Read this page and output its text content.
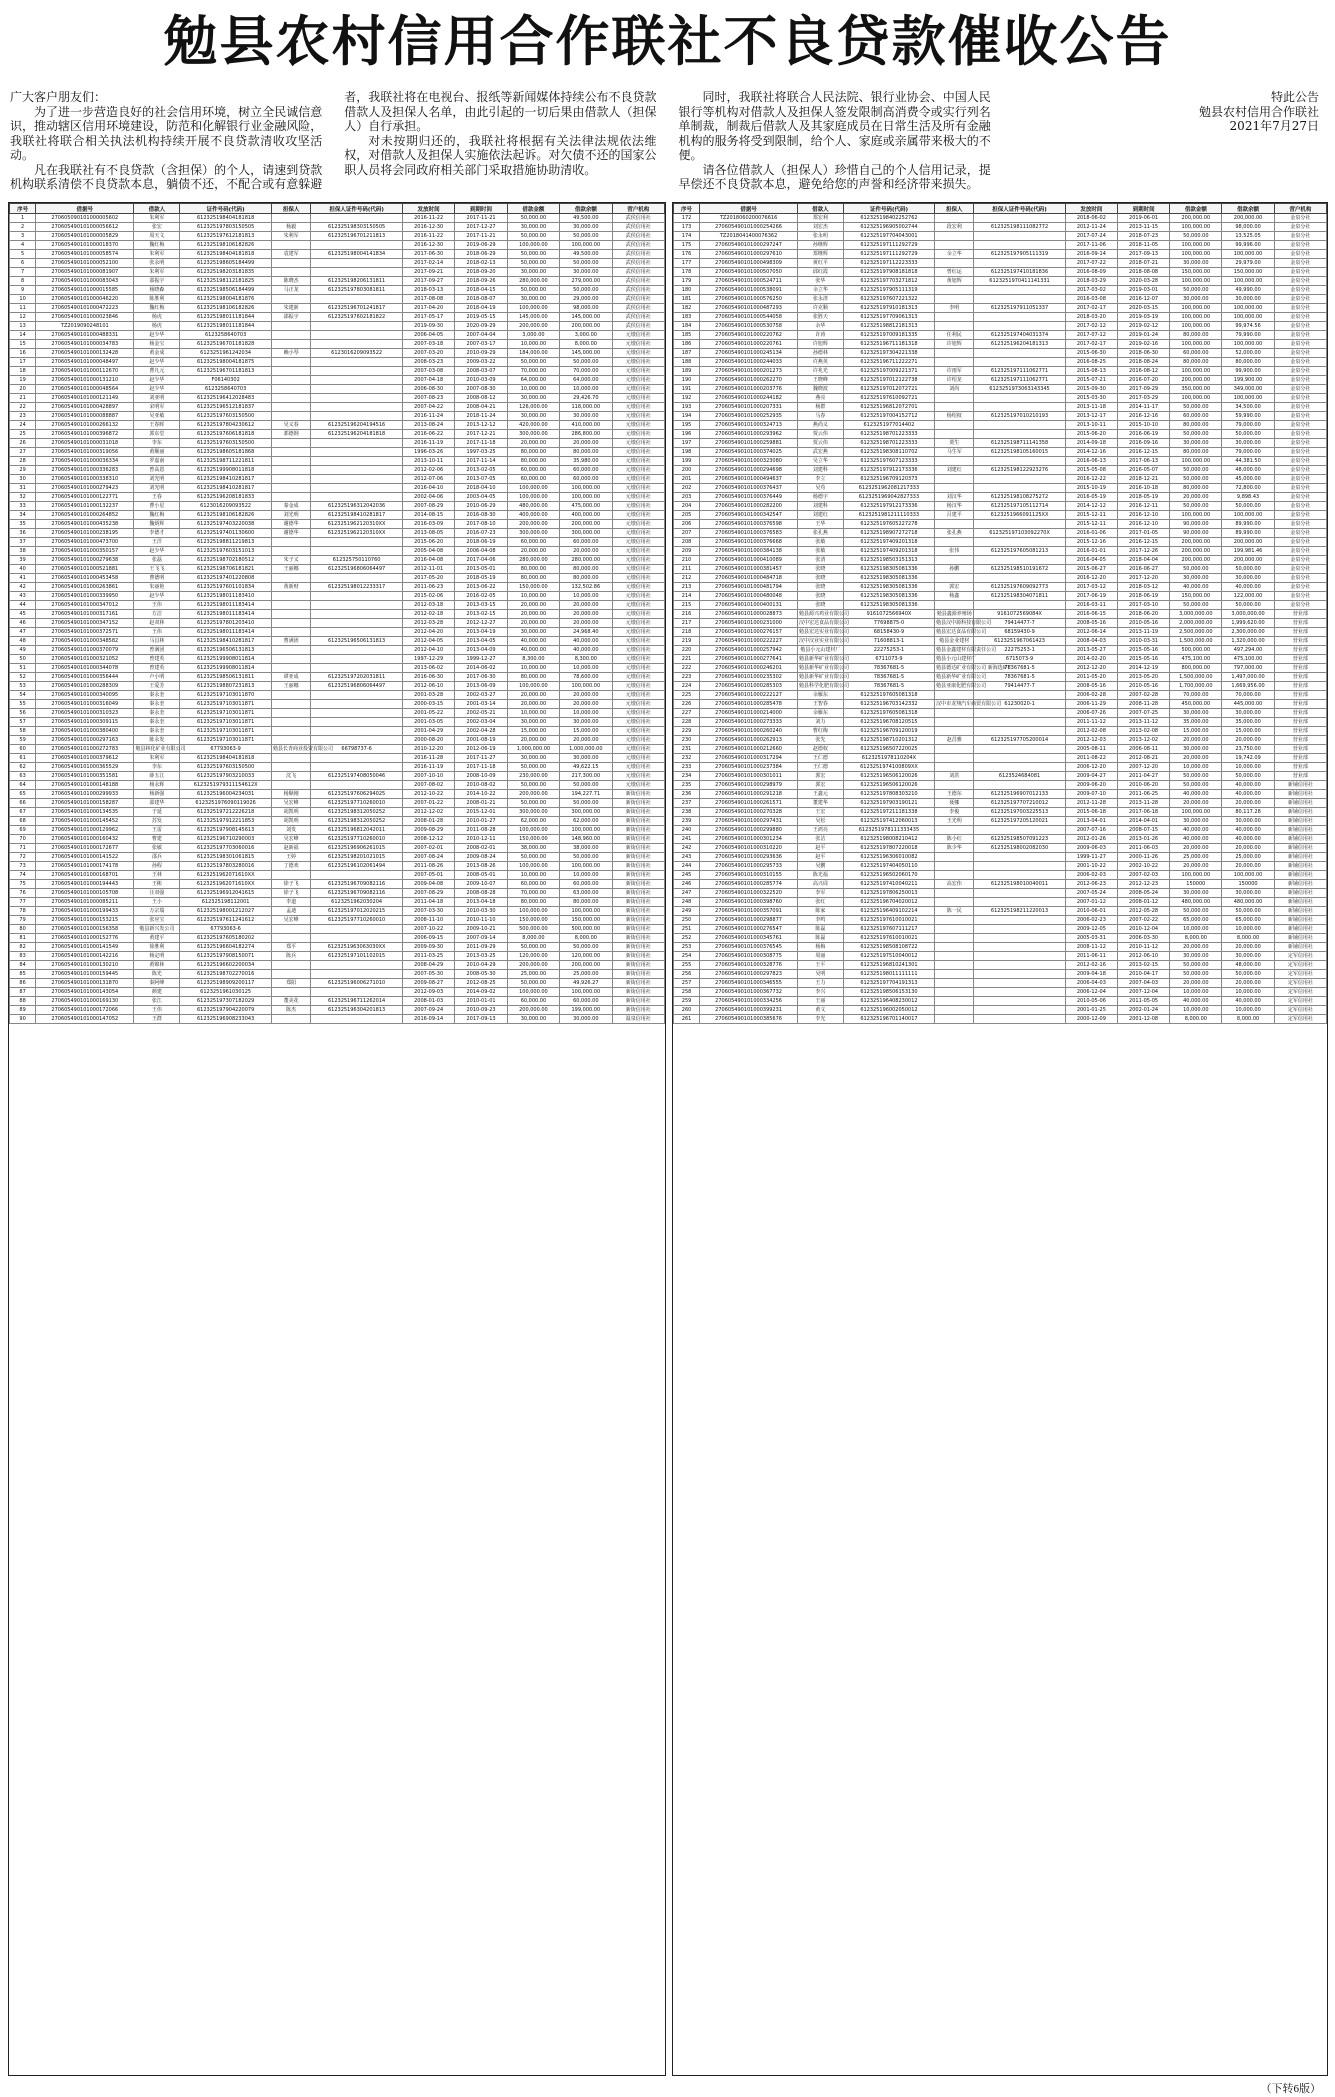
勉县农村信用合作联社不良贷款催收公告

广大客户朋友们：

为了进一步营造良好的社会信用环境，树立全民诚信意识，推动辖区信用环境建设，防范和化解银行业金融风险，我联社将联合相关执法机构持续开展不良贷款清收攻坚活动。

凡在我联社有不良贷款（含担保）的个人，请速到贷款机构联系清偿不良贷款本息，躺债不还，不配合或有意躲避者，我联社将在电视台、报纸等新闻媒体持续公布不良贷款借款人及担保人名单，由此引起的一切后果由借款人（担保人）自行承担。

对未按期归还的，我联社将根据有关法律法规依法维权，对借款人及担保人实施依法起诉。对欠债不还的国家公职人员将会同政府相关部门采取措施协助清收。

同时，我联社将联合人民法院、银行业协会、中国人民银行等机构对借款人及担保人签发限制高消费令或实行列名单制裁，制裁后借款人及其家庭成员在日常生活及所有金融机构的服务将受到限制，给个人、家庭或亲属带来极大的不便。

请各位借款人（担保人）珍惜自己的个人信用记录，提早偿还不良贷款本息，避免给您的声誉和经济带来损失。

特此公告

勉县农村信用合作联社

2021年7月27日

序号	借据号	借款人	证件号码(代码)	担保人	担保人证件号码(代码)	发放时间	到期时间	借款金额	借款余额	营户机构
1	270605090101000005602	朱利军	612325198404181818			2016-11-22	2017-11-21	50,000.00	49,500.00	武侯信用社
2	270605490101000056612	张宏	612325197803150505	杨毅	612325198303150505	2016-12-30	2017-12-27	30,000.00	30,000.00	武侯信用社
3	270605490101000005829	周天文	612325197612181813	朱利军	612325196701211813	2016-11-22	2017-11-21	50,000.00	50,000.00	武侯信用社
4	270605490101000018370	魏红梅	612325198106182826			2016-12-30	2019-06-29	100,000.00	100,000.00	武侯信用社
5	270605490101000058574	朱利军	612325198404181818	袁建军	612325198004141834	2017-06-30	2018-06-29	50,000.00	49,500.00	武侯信用社
6	270605490101000052100	张永明	612325198605184499			2017-02-14	2018-02-13	50,000.00	50,000.00	武侯信用社
7	270605490101000081907	朱利军	612325198203181835			2017-09-21	2018-09-20	30,000.00	30,000.00	武侯信用社
8	270605490101000083043	邵振宇	612325198112181825	陈晓杰	612325198206131811	2017-09-27	2018-09-26	280,000.00	279,000.00	武侯信用社
9	270605490101000015585	杨晓森	612325198506184499	马正龙	612325197803081811	2018-03-13	2018-04-15	50,000.00	50,000.00	武侯信用社
10	270605490101000046220	陈胜利	612325198004181876			2017-08-08	2018-08-07	30,000.00	29,000.00	武侯信用社
11	270605490101000472223	魏红梅	612325198106182826	朱建新	612325196701241817	2017-04-20	2018-04-19	100,000.00	98,000.00	武侯信用社
12	270605490101000023846	杨虎	612325198011181844	邵振宇	612325197602181822	2017-05-17	2019-05-15	145,000.00	145,000.00	武侯信用社
13	TZ2019090248101	杨虎	612325198011181844			2019-09-30	2020-09-29	200,000.00	200,000.00	武侯信用社
14	270605490101000488331	赵少华	6123258640703			2006-04-05	2007-04-04	3,000.00	3,000.00	元墩信用社
15	270605490101000034783	杨金宝	612325196701181828			2007-03-18	2007-03-17	10,000.00	8,000.00	元墩信用社
16	270605490101000132428	黄金成	6123251961242034	赖小琴	6123016209093522	2007-03-20	2010-09-29	184,000.00	145,000.00	元墩信用社
17	270605490101000048497	赵少华	612325198004181875			2008-03-23	2009-03-22	50,000.00	50,000.00	元墩信用社
18	270605490101000112670	曹凡元	612325196701181813			2007-03-08	2008-03-07	70,000.00	70,000.00	元墩信用社
19	270605490101000131210	赵少华	F06140302			2007-04-18	2010-03-09	64,000.00	64,000.00	元墩信用社
20	270605490101000048564	赵少华	6123258640703			2006-08-30	2007-08-30	10,000.00	10,000.00	元墩信用社
21	270605490101000121149	刘亚明	612325196412028483			2007-08-23	2008-08-12	30,000.00	29,426.70	元墩信用社
22	270605490101000428897	宋明军	612325196512181837			2007-04-22	2008-04-21	126,000.00	118,000.00	元墩信用社
23	270605490101000088887	吴亚敏	612325197603150500			2016-11-24	2018-11-24	30,000.00	30,000.00	元墩信用社
24	270605490101000266132	王春晖	612325197804230612	吴义春	612325196204194516	2013-08-24	2013-12-12	420,000.00	410,000.00	元墩信用社
25	270605490101000396872	郭东堂	612325197606181818	郭德钢	612325196204181818	2016-06-22	2017-12-21	300,000.00	286,800.00	元墩信用社
26	270605490101000031018	李东	612325197603150500			2016-11-19	2017-11-18	20,000.00	20,000.00	元墩信用社
27	270605490101000319056	黄顺丽	612325198605181868			1996-03-26	1997-03-25	80,000.00	80,000.00	元墩信用社
28	270605490101000036334	罗嘉南	612325198711221811			2013-10-11	2017-11-14	80,000.00	35,980.00	元墩信用社
29	270605490101000336283	曾高恩	612325199908011818			2012-02-06	2013-02-05	60,000.00	60,000.00	元墩信用社
30	270605490101000338310	刘光明	612325198410281817			2012-07-06	2013-07-05	60,000.00	60,000.00	元墩信用社
31	270605490101000279423	刘光明	612325198410281817			2016-04-10	2018-04-10	100,000.00	100,000.00	元墩信用社
32	270605490101000122771	王春	612325196208181833			2002-04-06	2003-04-05	100,000.00	100,000.00	元墩信用社
33	270605490101000132237	曹小星	6123016209093522	秦金成	612325196312042036	2007-08-29	2010-06-29	480,000.00	475,000.00	元墩信用社
34	270605490101000264852	魏红梅	612325198106182826	刘光明	612325198410281817	2014-08-15	2016-08-30	400,000.00	400,000.00	元墩信用社
35	270605490101000435238	魏炳辉	612325197403220038	谢德华	6123251962120310XX	2016-03-09	2017-08-10	200,000.00	200,000.00	元墩信用社
36	270605490101000238195	李德才	612325197401130600	谢德华	6123251962120310XX	2013-08-05	2016-07-23	300,000.00	300,000.00	元墩信用社
37	270605490101000473700	王洋	612325198811219813			2015-06-20	2018-06-19	60,000.00	60,000.00	元墩信用社
38	270605490101000350157	赵少华	612325197603151013			2005-04-08	2006-04-08	20,000.00	20,000.00	元墩信用社
39	270605490101000279638	张磊	612325198702180512	朱子义	612325750110760	2016-04-08	2017-04-06	280,000.00	280,000.00	元墩信用社
40	270605490101000521881	王飞飞	612325198706181821	王丽娜	612325196806064497	2012-11-01	2013-05-01	80,000.00	80,000.00	元墩信用社
41	270605490101000453458	曹德明	612325197401220808			2017-05-20	2018-05-19	80,000.00	80,000.00	元墩信用社
42	270605490101000263861	朱丽艳	612325197601101834	黄新财	612325198012233317	2011-06-23	2013-06-22	150,000.00	132,502.86	元墩信用社
43	270605490101000339950	赵少华	612325198011183410			2015-02-06	2016-02-05	10,000.00	10,000.00	元墩信用社
44	270605490101000347012	王伟	612325198011183414			2012-03-18	2013-03-15	20,000.00	20,000.00	元墩信用社
45	270605490101000317161	方洁	612325198011183414			2012-02-18	2013-02-15	20,000.00	20,000.00	元墩信用社
46	270605490101000347152	赵双林	612325197801203410			2012-03-28	2012-12-27	20,000.00	20,000.00	元墩信用社
47	270605490101000372571	王伟	612325198011183414			2012-04-20	2013-04-19	30,000.00	24,968.40	元墩信用社
48	270605490101000348582	马昌林	612325198410281817	曹满团	612325196506131813	2012-04-05	2013-04-05	40,000.00	40,000.00	元墩信用社
49	270605490101000370079	曾满团	612325196506131813			2012-04-10	2013-04-09	40,000.00	40,000.00	元墩信用社
50	270605490101000321052	曾建英	612325199908011814			1997-12-29	1999-12-27	8,300.00	8,300.00	元墩信用社
51	270605490101000344078	曾建英	612325199908011814			2013-06-02	2014-06-02	10,000.00	10,000.00	元墩信用社
52	270605490101000356444	卢小明	612325198506131811	谭亚成	612325197202031811	2016-06-30	2017-06-30	80,000.00	78,600.00	元墩信用社
53	270605490101000288309	王爱芳	612325198807231813	王丽娜	612325196806064497	2012-06-10	2013-06-09	100,000.00	100,000.00	元墩信用社
54	270605490101000340095	秦永奎	612325197103011870			2001-03-28	2002-03-27	20,000.00	20,000.00	元墩信用社
55	270605490101000316049	秦永奎	612325197103011871			2000-03-15	2001-03-14	20,000.00	20,000.00	元墩信用社
56	270605490101000310323	秦永奎	612325197103011871			2001-05-22	2002-05-21	10,000.00	10,000.00	元墩信用社
57	270605490101000309115	秦永奎	612325197103011871			2001-03-05	2002-03-04	30,000.00	30,000.00	元墩信用社
58	270605490101000380400	秦永奎	612325197103011871			2001-04-29	2002-04-28	15,000.00	15,000.00	元墩信用社
59	270605490101000297163	陈永发	612325197103011871			2000-08-20	2001-08-19	20,000.00	20,000.00	元墩信用社
60	270605490101000272783	勉县林化矿业有限公司	67793063-9	勉县长青商业投资有限公司	66798737-6	2010-12-20	2012-06-19	1,000,000.00	1,000,000.00	元墩信用社
61	270605490101000379612	朱利军	612325198404181818			2016-11-28	2017-11-27	30,000.00	30,000.00	元墩信用社
62	270605490101000365529	李东	612325197603150500			2016-11-19	2017-11-18	50,000.00	49,622.15	元墩信用社
63	270605490101000351581	薛五江	612325197903210033	沈飞	612325197408050046	2007-10-10	2008-10-09	230,000.00	217,300.00	元墩信用社
64	270605490101000148188	杨永辉	6123251979311154612X			2007-08-02	2010-08-02	50,000.00	50,000.00	元墩信用社
65	270605490101000299933	杨新强	612325196004234031	杨顺刚	612325197606294025	2012-10-22	2014-10-22	200,000.00	194,227.71	新街信用社
66	270605490101000158287	邵建华	6123251976090119026	吴宏峰	612325197710260010	2007-01-22	2008-01-21	50,000.00	50,000.00	新街信用社
67	270605490101000134535	于延	612325197212226218	胡凯明	612325198312050252	2012-12-02	2015-12-01	300,000.00	300,000.00	新街信用社
68	270605490101000145452	苏发	612325197912211853	胡凯明	612325198312050252	2008-01-28	2010-01-27	62,000.00	62,000.00	新街信用社
69	270605490101000129962	王雷	612325197908145613	刘发	612325196812042011	2009-08-29	2011-08-28	100,000.00	100,000.00	新街信用社
70	270605490101000160432	曹建	612325196710290003	吴宏峰	612325197710260010	2008-12-12	2010-12-11	150,000.00	148,960.00	新街信用社
71	270605490101000172677	张敏	612325197703060016	赵新福	612325196906261015	2007-02-01	2008-02-01	38,000.00	38,000.00	新街信用社
72	270605490101000141522	邵兵	612325198301061815	王婷	612325198201021015	2007-08-24	2009-08-24	50,000.00	50,000.00	新街信用社
73	270605490101000174178	孙程	612325197803280016	丁德欢	612325196102061494	2011-08-26	2013-08-26	100,000.00	100,000.00	新街信用社
74	270605490101000168701	王林	6123251962071610XX			2007-05-01	2008-05-01	10,000.00	10,000.00	新街信用社
75	270605490101000194443	王彬	6123251962071610XX	徐子飞	612325196709082116	2009-04-08	2009-10-07	60,000.00	60,000.00	新街信用社
76	270605490101000105708	汪双强	612325196912041615	徐子飞	612325196709082116	2007-08-29	2008-08-28	70,000.00	63,000.00	新街信用社
77	270605490101000085211	王小	612325198112001	李道	6123251962030204	2011-04-18	2013-04-18	80,000.00	80,000.00	新街信用社
78	270605490101000199433	万宗瑞	612325198001212027	孟迪	612325197012020215	2007-03-30	2010-03-30	100,000.00	100,000.00	新街信用社
79	270605490101000153215	张应宝	612325197611241612	吴宏峰	612325197710260010	2008-11-10	2010-11-10	150,000.00	150,000.00	新街信用社
80	270605490101000156358	勉县新兴发公司	67793063-6			2007-10-22	2009-10-21	500,000.00	500,000.00	新街信用社
81	270605490101000152776	黄建平	612325197605180202			2006-09-15	2007-09-14	8,000.00	8,000.00	新街信用社
82	270605490101000141549	徐胜利	612325196604182274	郑平	6123251963063030XX	2009-09-30	2011-09-29	50,000.00	50,000.00	新街信用社
83	270605490101000142216	杨定明	612325197908150071	陈兵	612325197101102015	2011-03-25	2013-03-25	120,000.00	120,000.00	新街信用社
84	270605490101000130210	黄锦林	612325196602200034			2008-04-29	2010-04-29	200,000.00	200,000.00	新街信用社
85	270605490101000159445	陈光	612325198702270016			2007-05-30	2008-05-30	25,000.00	25,000.00	新街信用社
86	270605490101000131870	秦阿峰	612325198909200117	郑阳	612325196006271010	2009-08-27	2012-08-25	50,000.00	49,926.27	新街信用社
87	270605490101000143054	颜建	6123251961030125			2012-09-03	2014-09-02	100,000.00	100,000.00	新街信用社
88	270605490101000169130	张江	612325197307182029	董美花	612325196711262014	2008-01-03	2010-01-01	60,000.00	60,000.00	新街信用社
89	270605490101000172066	王伟	612325197904220079	陈杰	612325196304201813	2007-09-24	2010-09-23	200,000.00	199,000.00	新街信用社
90	270605490101000147052	王群	612325196908233043			2016-09-14	2017-09-13	30,000.00	30,000.00	温泉信用社
序号	借据号	借款人	证件号码(代码)	担保人	担保人证件号码(代码)	发放时间	到期时间	借款金额	借款余额	营户机构
172	TZ2018060200076616	郑宏利	612325198402252762			2018-06-02	2019-06-01	200,000.00	200,000.00	金泉分社
173	270605490101000254266	刘宏杰	612325196905002744	段宏利	612325198111082772	2012-11-24	2013-11-15	100,000.00	98,000.00	金泉分社
174	TZ2018041400076362	张永明	612325197704043001			2017-07-24	2018-07-23	50,000.00	13,525.05	金泉分社
175	270605490101000297247	孙继辉	612325197111292729			2017-11-06	2018-11-05	100,000.00	99,996.00	金泉分社
176	270605490101000297610	郑继辉	612325197111292729	余立华	612325197905111319	2016-09-14	2017-09-13	100,000.00	100,000.00	金泉分社
177	270605490101000498309	黄红平	612325197112223333			2017-07-22	2018-07-21	30,000.00	29,979.00	金泉分社
178	270605490101000507050	邱红霞	612325197908181818	曾红运	612325197410181836	2016-08-09	2018-08-08	150,000.00	150,000.00	金泉分社
179	270605490101000524711	张华	612325197703271812	黄旭辉	6123251970411141331	2018-03-29	2020-03-28	100,000.00	100,000.00	金泉分社
180	270605490101000538091	余立华	612325197905111319			2017-03-02	2019-03-01	50,000.00	49,990.00	金泉分社
181	270605490101000576250	张永清	612325197607221322			2016-03-08	2016-12-07	30,000.00	30,000.00	金泉分社
182	270605490101000487293	许克顺	612325197910181313	李明	612325197911051337	2017-02-17	2020-03-15	100,000.00	100,000.00	金泉分社
183	270605490101000544058	张胜天	612325197709061313			2018-03-20	2019-03-19	100,000.00	100,000.00	金泉分社
184	270605490101000530758	余华	612325198812181313			2017-02-12	2019-02-12	100,000.00	99,974.56	金泉分社
185	270605490101000220762	许涛	612325197009181335	任利民	612325197404031374	2017-07-12	2019-01-24	80,000.00	79,990.00	金泉分社
186	270605490101000220761	许旭辉	612325196711181318	许旭辉	612325196204181313	2017-02-17	2019-02-16	100,000.00	100,000.00	金泉分社
187	270605490101000245134	孙德林	612325197304221338			2015-06-30	2018-06-30	60,000.00	52,000.00	金泉分社
188	270605490101000244033	许燕英	612325196711222271			2016-08-25	2018-08-24	80,000.00	80,000.00	金泉分社
189	270605490101000201273	许兆光	612325197009221371	许雨军	612325197111062771	2015-08-13	2016-08-12	100,000.00	99,900.00	金泉分社
190	270605490101000262270	王晓峰	612325197012122738	许绍龙	612325197111062771	2015-07-21	2016-07-20	200,000.00	199,900.00	金泉分社
191	270605490101000203776	魏晓波	612325197012072721	刘尚	6123251973063143345	2015-09-30	2017-09-29	350,000.00	349,000.00	金泉分社
192	270605490101000244182	燕亮	612325197610092721			2015-03-30	2017-03-29	100,000.00	100,000.00	金泉分社
193	270605490101000207331	杨群	612325196812072701			2013-11-18	2014-11-17	50,000.00	34,500.00	金泉分社
194	270605490101000252935	马春	612325197004152712	杨绍权	612325197010210193	2013-12-17	2016-12-16	60,000.00	59,990.00	金泉分社
195	270605490101000324713	燕尚义	6123251977014402			2013-10-11	2015-10-10	80,000.00	79,000.00	金泉分社
196	270605490101000293962	贾云伟	612325198701223333			2015-06-20	2016-06-19	50,000.00	50,000.00	金泉分社
197	270605490101000259881	贾云伟	612325198701223333	贾生	612325198711141358	2014-09-18	2016-09-16	30,000.00	30,000.00	金泉分社
198	270605490101000374025	武宏燕	612325198308110702	马生军	612325198105160015	2014-12-16	2016-12-15	80,000.00	79,000.00	金泉分社
199	270605490101000323080	吴立华	612325197607123333			2016-06-13	2017-06-13	100,000.00	44,381.50	金泉分社
200	270605490101000294698	刘建科	612325197912173336	刘建红	612325198122923276	2015-05-08	2016-05-07	50,000.00	48,000.00	金泉分社
201	270605490101000494637	李立	612325196709120373			2016-12-22	2018-12-21	50,000.00	45,000.00	金泉分社
202	270605490101000376437	吴苟	6123251962081217333			2015-10-19	2016-10-18	80,000.00	72,800.00	金泉分社
203	270605490101000376449	杨德宇	6123251969042827333	刘汉华	612325198108275272	2016-05-19	2018-05-19	20,000.00	9,898.43	金泉分社
204	270605490101000282200	刘建科	612325197912173336	杨汉华	612325197105112714	2014-12-12	2016-12-11	50,000.00	50,000.00	金泉分社
205	270605490101000342547	刘建红	6123251981211110333	吕建平	6123251966091125XX	2015-12-11	2016-12-10	100,000.00	100,000.00	金泉分社
206	270605490101000376598	王华	612325197605227278			2015-12-11	2016-12-10	90,000.00	89,990.00	金泉分社
207	270605490101000376583	张孔燕	612325198907272718	张孔燕	612325197103092270X	2016-01-06	2017-01-05	90,000.00	89,990.00	金泉分社
208	270605490101000376668	张敏	612325197409201318			2015-12-16	2016-12-15	200,000.00	200,000.00	金泉分社
209	270605490101000384138	张敏	612325197409201318	张伟	612325197605081213	2016-01-01	2017-12-26	200,000.00	199,981.46	金泉分社
210	270605490101000410089	张清	612325198503151313			2016-04-05	2018-04-04	200,000.00	200,000.00	金泉分社
211	270605490101000381457	张晓	612325198305081336	孙鹏	612325198510191672	2015-06-27	2016-06-27	50,000.00	50,000.00	金泉分社
212	270605490101000484718	张晓	612325198305081336			2016-12-20	2017-12-20	30,000.00	30,000.00	金泉分社
213	270605490101000481794	张晓	612325198305081336	郭宏	612325197609092773	2017-03-12	2018-03-12	40,000.00	40,000.00	金泉分社
214	270605490101000480048	张晓	612325198305081336	杨鑫	612325198304071811	2017-06-19	2018-06-19	150,000.00	122,000.00	金泉分社
215	270605490101000400131	张晓	612325198305081336			2016-03-11	2017-03-10	50,000.00	50,000.00	金泉分社
216	270605490101000028873	勉县源兴鸡业有限公司	9161072566940X	勉县鑫源养殖场	9161072569084X	2016-06-15	2018-06-20	3,000,000.00	3,000,000.00	营业部
217	270605490101000231000	汉中宏达食品有限公司	77698875-0	勉县汉中源科技有限公司	79414477-7	2008-05-16	2010-05-16	2,000,000.00	1,999,620.00	营业部
218	270605490101000276157	勉县宏达实业有限公司	68158430-9	勉县宏达食品有限公司	68159430-9	2012-06-14	2013-11-19	2,500,000.00	2,300,000.00	营业部
219	270605490101000222227	汉中汉业实业有限公司	71608813-1	勉县金业建材	6123251967061423	2008-04-03	2010-03-31	1,500,000.00	1,320,000.00	营业部
220	270605490101000257942	勉县小元山建材厂	22275253-1	勉县金鑫建材有限责任公司	22275253-1	2013-05-27	2015-05-16	500,000.00	497,294.00	营业部
221	270605490101000277641	勉县新华矿业有限公司	6711073-9	勉县小元山建材厂	6715073-9	2014-02-20	2015-05-16	475,100.00	475,100.00	营业部
222	270605490101000246201	勉县新华矿业有限公司	78367681-5	勉县德达矿业有限公司 新海选矿厂	78367681-5	2012-12-20	2014-12-19	800,000.00	797,000.00	营业部
223	270605490101000235302	勉县新华矿业有限公司	78367681-5	勉县新华矿业有限公司	78367681-5	2011-05-20	2013-05-20	1,500,000.00	1,497,000.00	营业部
224	270605490101000285303	勉县科学化肥有限公司	78367681-5	勉县亚康化肥有限公司	79414477-7	2008-05-16	2010-05-16	1,700,000.00	1,669,956.00	营业部
225	270605490101000222127	余雁东	612325197605081318			2006-02-28	2007-02-28	70,000.00	70,000.00	营业部
226	270605490101000285478	王智春	612325196703142332	汉中市龙翔汽车商贸有限公司	61230020-1	2006-11-29	2008-11-28	450,000.00	445,000.00	营业部
227	270605490101000214000	余雁东	612325197605081318			2006-07-26	2007-07-25	30,000.00	30,000.00	营业部
228	270605490101000273333	刘力	612325196708120515			2011-11-12	2013-11-12	35,000.00	35,000.00	营业部
229	270605490101000260240	曹红梅	612325196709120019			2012-02-08	2013-02-08	15,000.00	15,000.00	营业部
230	270605490101000262913	张先	612325198710201312	赵昌雅	612325197705200014	2012-12-03	2013-12-02	20,000.00	20,000.00	营业部
231	270605490101000212660	赵德权	612325196507220025			2005-08-11	2006-08-11	30,000.00	23,750.00	营业部
232	270605490101000317294	王仁德	6123251978110204X			2011-08-22	2012-08-21	20,000.00	19,742.09	营业部
233	270605490101000237384	王仁德	6123251974100809XX			2006-12-20	2007-12-20	10,000.00	10,000.00	营业部
234	270605490101000301011	郭宏	612325196506120026	刘洪	6123524684081	2009-04-27	2011-04-27	50,000.00	50,000.00	营业部
235	270605490101000298979	郭宏	612325196506120026			2009-06-20	2010-06-20	50,000.00	40,000.00	新铺信用社
236	270605490101000291218	王鑫元	612325197808303210	王德东	612325196907012133	2009-07-10	2011-06-25	40,000.00	40,000.00	新铺信用社
237	270605490101000261571	董建华	612325197903190121	聂娜	612325197707210012	2012-11-28	2013-11-28	20,000.00	20,000.00	新铺信用社
238	270605490101000270328	王宏	612325197211181338	李俊	612325197003225513	2015-06-18	2017-06-18	100,000.00	80,117.28	新铺信用社
239	270605490101000297431	吴松	612325197412060013	王光明	612325197205120021	2013-04-01	2014-04-01	30,000.00	30,000.00	新铺信用社
240	270605490101000299880	王鸿亮	6123251978111333435			2007-07-16	2008-07-15	40,000.00	40,000.00	新铺信用社
241	270605490101000301234	张洁	612325198008210412	陈小红	612325198507091223	2012-01-26	2013-01-26	40,000.00	40,000.00	新铺信用社
242	270605490101000310220	赵平	612325197807220018	陈少华	612325198002082030	2009-06-03	2011-06-03	20,000.00	20,000.00	新铺信用社
243	270605490101000293636	赵平	612325196306010082			1999-11-27	2000-11-26	25,000.00	25,000.00	新铺信用社
244	270605490101000295733	吴鹏	612325197404050110			2001-10-22	2002-10-22	20,000.00	20,000.00	新铺信用社
245	270605490101000310155	陈光福	612325196502060170			2006-02-03	2007-02-03	100,000.00	100,000.00	新铺信用社
246	270605490101000285774	高兴周	612325197410040211	高宏伟	612325198010040011	2012-06-23	2012-12-23	150000	150000	新铺信用社
247	270605490101000322520	李军	612325197806250013			2007-05-24	2008-05-24	30,000.00	30,000.00	新铺信用社
248	270605490101000398760	张红	612325196704020012			2007-01-12	2008-01-12	480,000.00	480,000.00	新铺信用社
249	270605490101000357091	陈家	612325196409102214	陈一民	612325198211220013	2010-06-01	2012-05-28	50,000.00	50,000.00	新铺信用社
250	270605490101000298877	李鸣	612325197610010021			2006-02-23	2007-02-22	65,000.00	65,000.00	新铺信用社
251	270605490101000276547	陈磊	612325197607111217			2009-12-05	2010-12-04	10,000.00	10,000.00	新铺信用社
252	270605490101000345761	陈磊	612325197610010021			2005-03-31	2006-03-30	8,000.00	8,000.00	新铺信用社
253	270605490101000376545	杨梅	612325198508108722			2008-11-12	2010-11-12	20,000.00	20,000.00	新铺信用社
254	270605490101000308775	周丽	612325197510040012			2011-06-11	2012-06-10	30,000.00	30,000.00	定军信用社
255	270605490101000328776	王平	612325196810241301			2012-02-16	2013-02-15	50,000.00	48,000.00	定军信用社
256	270605490101000297823	吴明	612325198011111111			2009-04-18	2010-04-17	50,000.00	50,000.00	定军信用社
257	270605490101000346555	王力	612325197704191313			2006-04-03	2007-04-03	20,000.00	20,000.00	定军信用社
258	270605490101000367732	李兴	612325198506153130			2006-12-04	2007-12-04	10,000.00	10,000.00	定军信用社
259	270605490101000334256	王丽	612325196408230012			2010-05-06	2011-05-05	40,000.00	40,000.00	定军信用社
260	270605490101000399231	黄文	612325196002050012			2001-01-25	2002-01-24	10,000.00	10,000.00	定军信用社
261	270605490101000385676	李光	612325196701140017			2000-12-09	2001-12-08	8,000.00	8,000.00	定军信用社
（下转6版）
